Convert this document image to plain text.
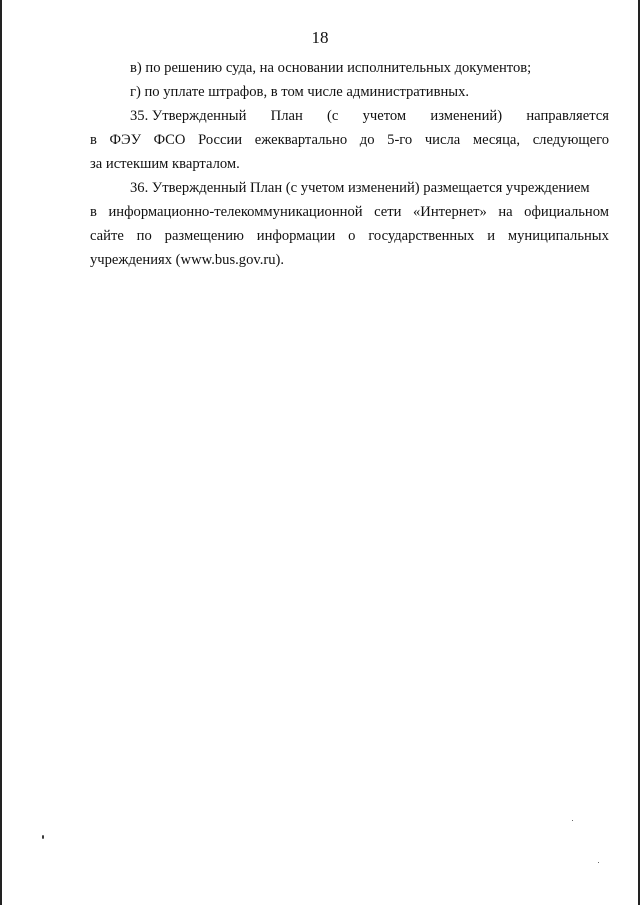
18
в) по решению суда, на основании исполнительных документов;
г) по уплате штрафов, в том числе административных.
35. Утвержденный План (с учетом изменений) направляется
в ФЭУ ФСО России ежеквартально до 5-го числа месяца, следующего
за истекшим кварталом.
36. Утвержденный План (с учетом изменений) размещается учреждением
в информационно-телекоммуникационной сети «Интернет» на официальном
сайте по размещению информации о государственных и муниципальных
учреждениях (www.bus.gov.ru).
